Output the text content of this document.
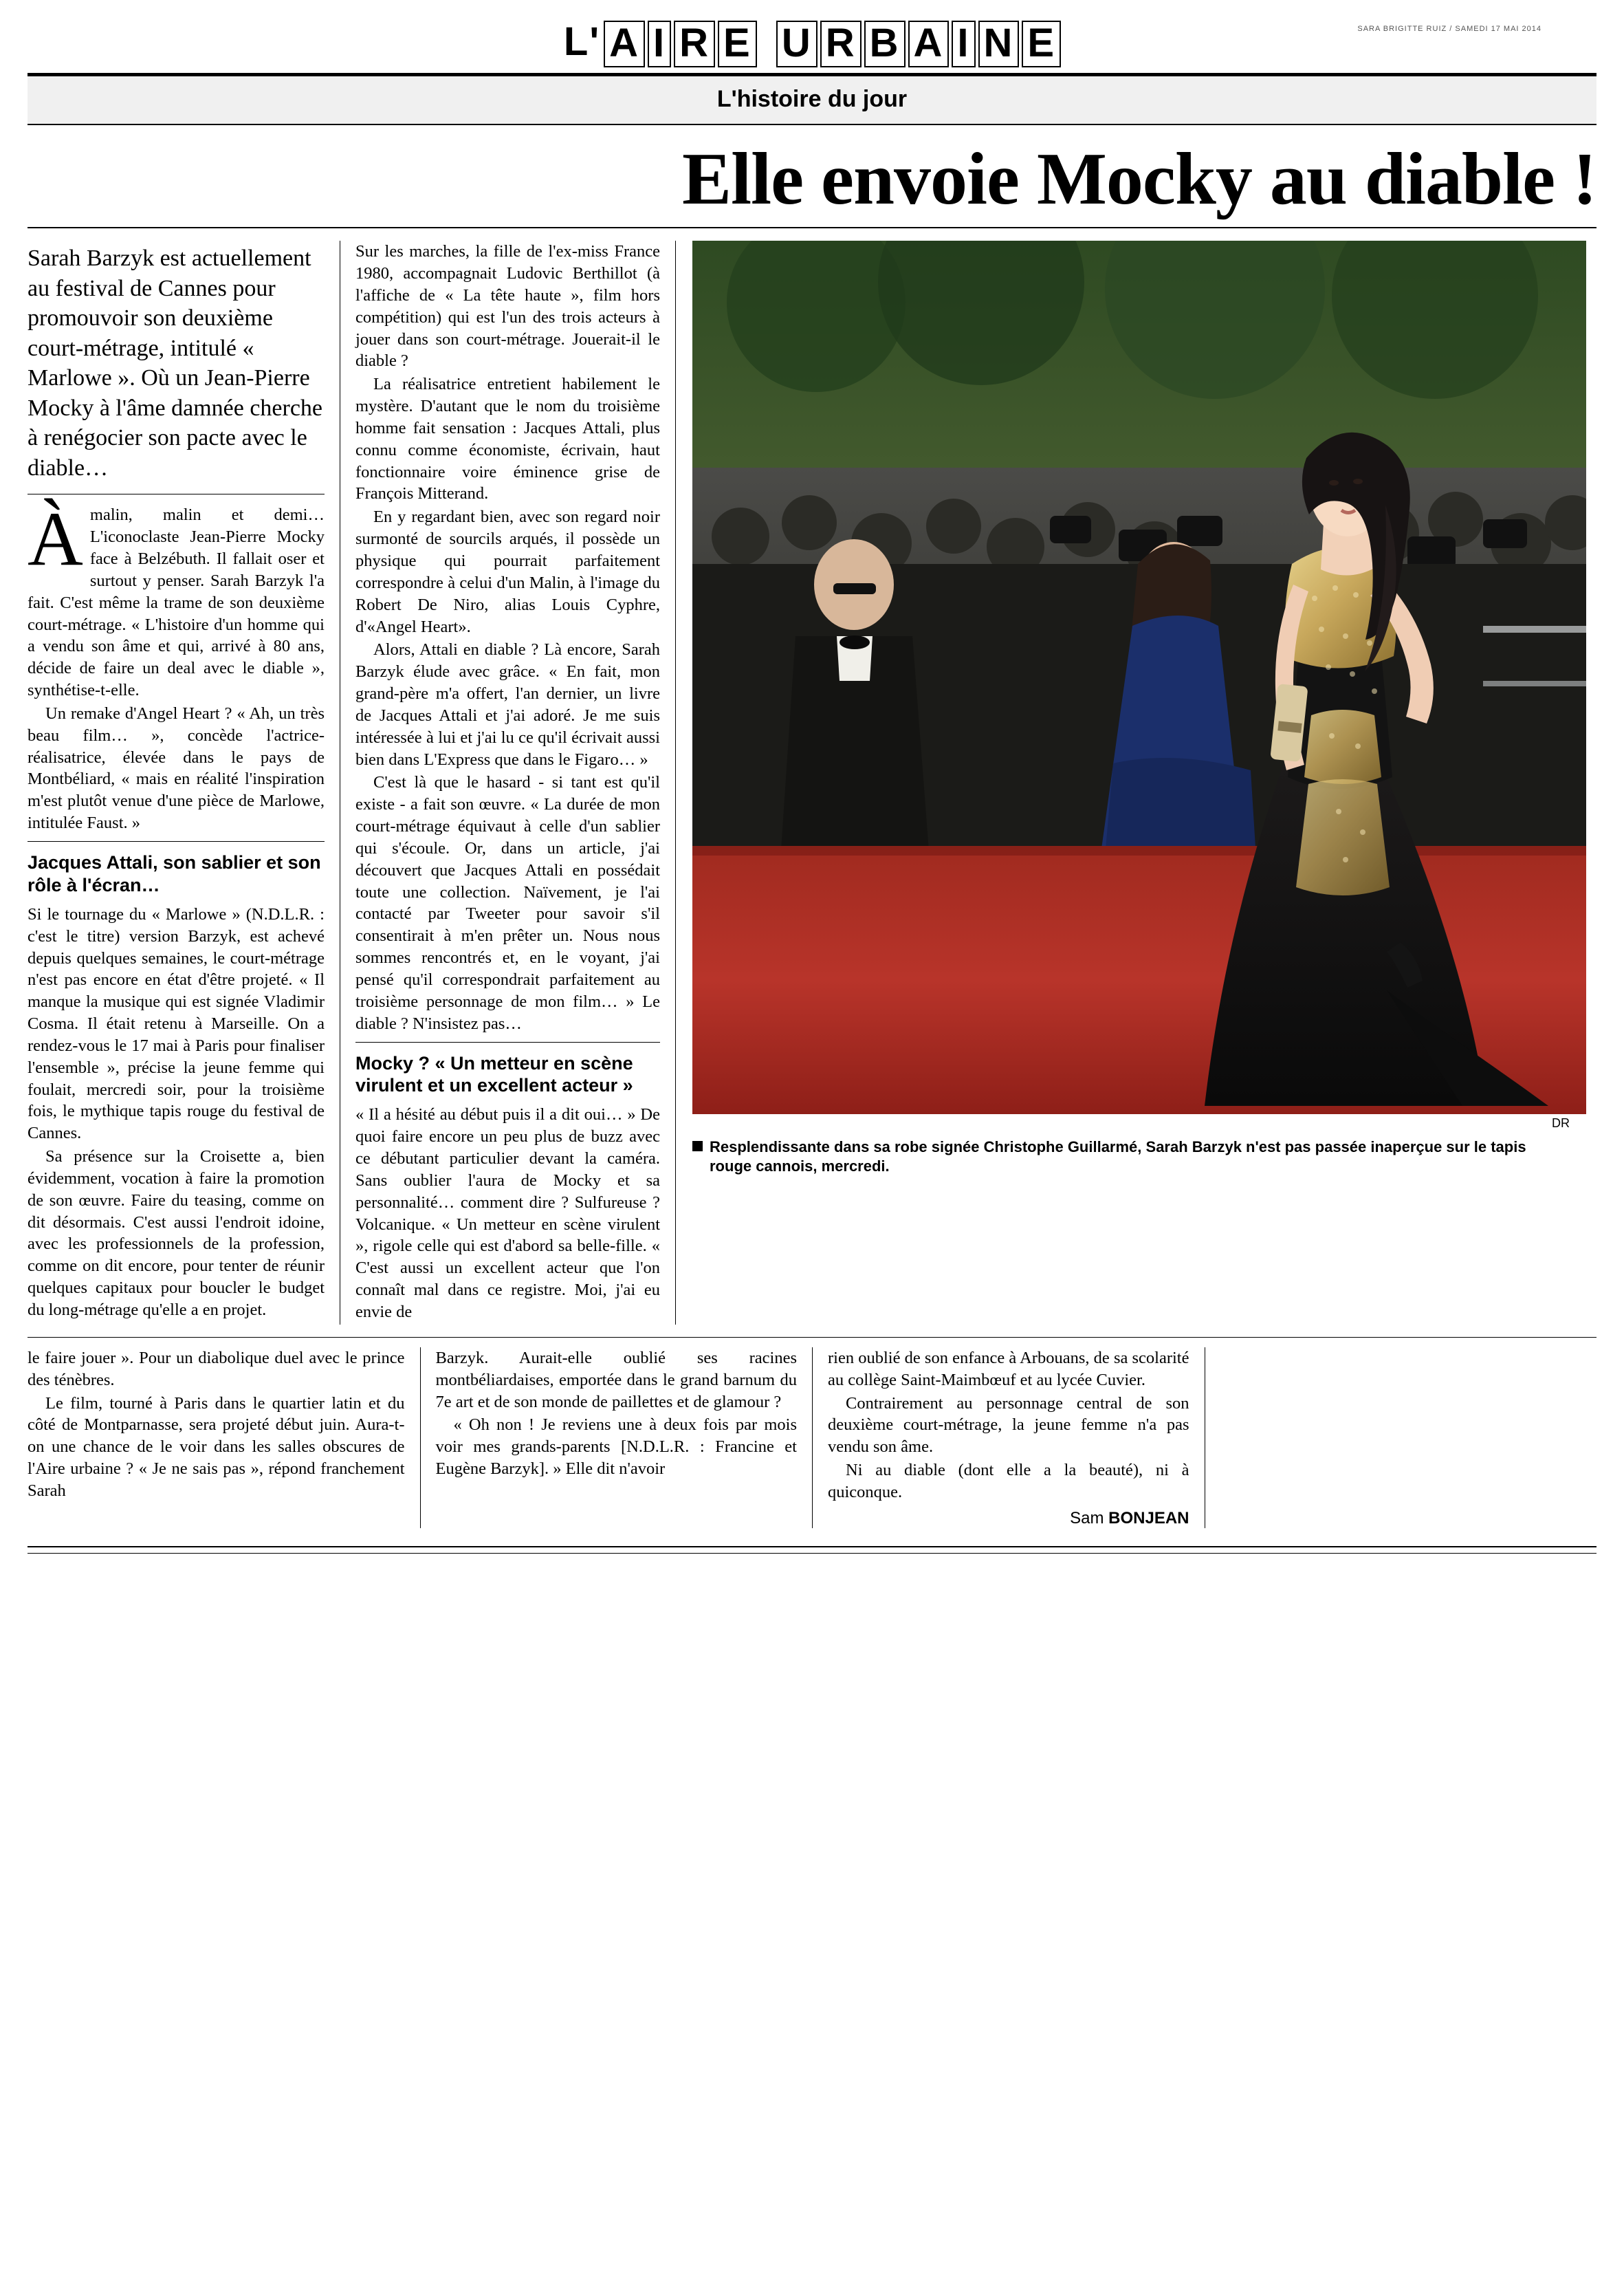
SARA BRIGITTE RUIZ / SAMEDI 17 MAI 2014
L' A I R E
U R B A I N E
L'histoire du jour
Elle envoie Mocky au diable !
Sarah Barzyk est actuellement au festival de Cannes pour promouvoir son deuxième court-métrage, intitulé « Marlowe ». Où un Jean-Pierre Mocky à l'âme damnée cherche à renégocier son pacte avec le diable…
À malin, malin et demi… L'iconoclaste Jean-Pierre Mocky face à Belzébuth. Il fallait oser et surtout y penser. Sarah Barzyk l'a fait. C'est même la trame de son deuxième court-métrage. « L'histoire d'un homme qui a vendu son âme et qui, arrivé à 80 ans, décide de faire un deal avec le diable », synthétise-t-elle.

Un remake d'Angel Heart ? « Ah, un très beau film… », concède l'actrice-réalisatrice, élevée dans le pays de Montbéliard, « mais en réalité l'inspiration m'est plutôt venue d'une pièce de Marlowe, intitulée Faust. »

Jacques Attali, son sablier et son rôle à l'écran…

Si le tournage du « Marlowe » (N.D.L.R. : c'est le titre) version Barzyk, est achevé depuis quelques semaines, le court-métrage n'est pas encore en état d'être projeté. « Il manque la musique qui est signée Vladimir Cosma. Il était retenu à Marseille. On a rendez-vous le 17 mai à Paris pour finaliser l'ensemble », précise la jeune femme qui foulait, mercredi soir, pour la troisième fois, le mythique tapis rouge du festival de Cannes.

Sa présence sur la Croisette a, bien évidemment, vocation à faire la promotion de son œuvre. Faire du teasing, comme on dit désormais. C'est aussi l'endroit idoine, avec les professionnels de la profession, comme on dit encore, pour tenter de réunir quelques capitaux pour boucler le budget du long-métrage qu'elle a en projet.

Sur les marches, la fille de l'ex-miss France 1980, accompagnait Ludovic Berthillot (à l'affiche de « La tête haute », film hors compétition) qui est l'un des trois acteurs à jouer dans son court-métrage. Jouerait-il le diable ?

La réalisatrice entretient habilement le mystère. D'autant que le nom du troisième homme fait sensation : Jacques Attali, plus connu comme économiste, écrivain, haut fonctionnaire voire éminence grise de François Mitterand.

En y regardant bien, avec son regard noir surmonté de sourcils arqués, il possède un physique qui pourrait parfaitement correspondre à celui d'un Malin, à l'image du Robert De Niro, alias Louis Cyphre, d'«Angel Heart».

Alors, Attali en diable ? Là encore, Sarah Barzyk élude avec grâce. « En fait, mon grand-père m'a offert, l'an dernier, un livre de Jacques Attali et j'ai adoré. Je me suis intéressée à lui et j'ai lu ce qu'il écrivait aussi bien dans L'Express que dans le Figaro… »

C'est là que le hasard - si tant est qu'il existe - a fait son œuvre. « La durée de mon court-métrage équivaut à celle d'un sablier qui s'écoule. Or, dans un article, j'ai découvert que Jacques Attali en possédait toute une collection. Naïvement, je l'ai contacté par Tweeter pour savoir s'il consentirait à m'en prêter un. Nous nous sommes rencontrés et, en le voyant, j'ai pensé qu'il correspondrait parfaitement au troisième personnage de mon film… » Le diable ? N'insistez pas…

Mocky ? « Un metteur en scène virulent et un excellent acteur »

« Il a hésité au début puis il a dit oui… » De quoi faire encore un peu plus de buzz avec ce débutant particulier devant la caméra. Sans oublier l'aura de Mocky et sa personnalité… comment dire ? Sulfureuse ? Volcanique. « Un metteur en scène virulent », rigole celle qui est d'abord sa belle-fille. « C'est aussi un excellent acteur que l'on connaît mal dans ce registre. Moi, j'ai eu envie de

DR
Resplendissante dans sa robe signée Christophe Guillarmé, Sarah Barzyk n'est pas passée inaperçue sur le tapis rouge cannois, mercredi.

le faire jouer ». Pour un diabolique duel avec le prince des ténèbres.

Le film, tourné à Paris dans le quartier latin et du côté de Montparnasse, sera projeté début juin. Aura-t-on une chance de le voir dans les salles obscures de l'Aire urbaine ? « Je ne sais pas », répond franchement Sarah

Barzyk. Aurait-elle oublié ses racines montbéliardaises, emportée dans le grand barnum du 7e art et de son monde de paillettes et de glamour ?

« Oh non ! Je reviens une à deux fois par mois voir mes grands-parents [N.D.L.R. : Francine et Eugène Barzyk]. » Elle dit n'avoir

rien oublié de son enfance à Arbouans, de sa scolarité au collège Saint-Maimbœuf et au lycée Cuvier.

Contrairement au personnage central de son deuxième court-métrage, la jeune femme n'a pas vendu son âme.

Ni au diable (dont elle a la beauté), ni à quiconque.

Sam BONJEAN
